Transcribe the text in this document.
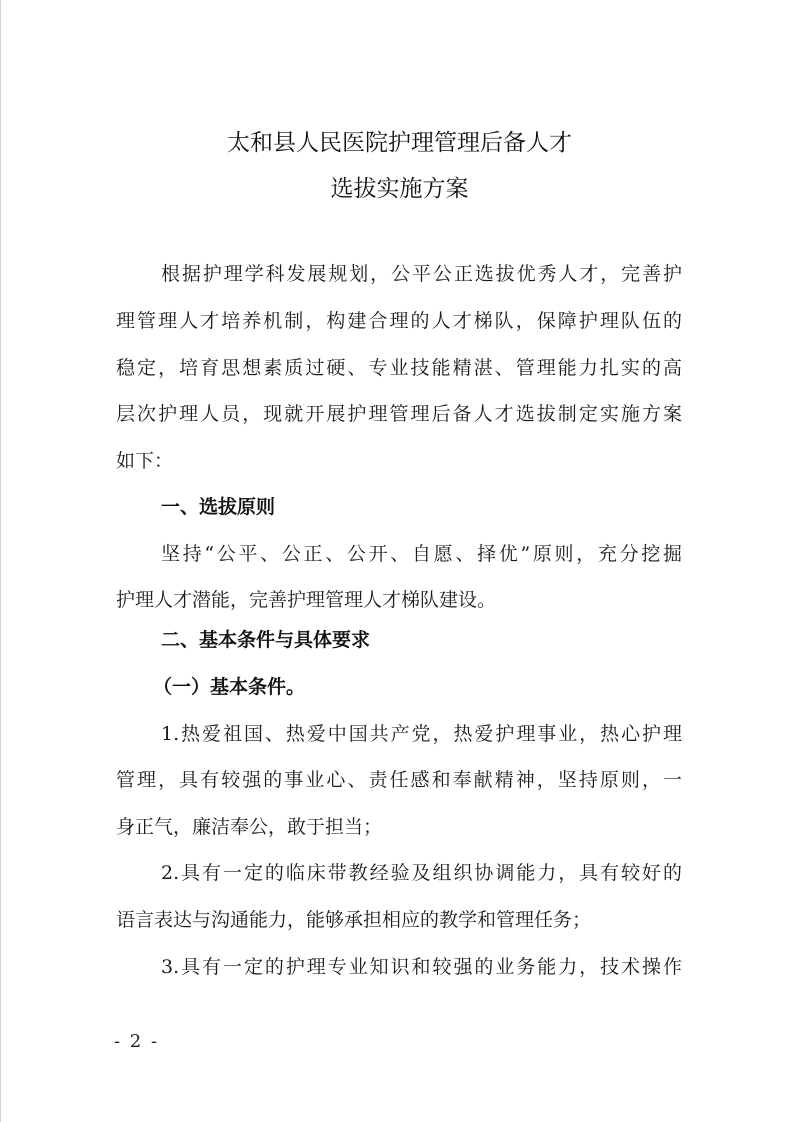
太和县人民医院护理管理后备人才
选拔实施方案

根据护理学科发展规划，公平公正选拔优秀人才，完善护

理管理人才培养机制，构建合理的人才梯队，保障护理队伍的

稳定，培育思想素质过硬、专业技能精湛、管理能力扎实的高

层次护理人员，现就开展护理管理后备人才选拔制定实施方案

如下：

一、选拔原则

坚持“公平、公正、公开、自愿、择优”原则，充分挖掘

护理人才潜能，完善护理管理人才梯队建设。

二、基本条件与具体要求
（一）基本条件。

1.热爱祖国、热爱中国共产党，热爱护理事业，热心护理

管理，具有较强的事业心、责任感和奉献精神，坚持原则，一

身正气，廉洁奉公，敢于担当；

2.具有一定的临床带教经验及组织协调能力，具有较好的

语言表达与沟通能力，能够承担相应的教学和管理任务；

3.具有一定的护理专业知识和较强的业务能力，技术操作

- 2 -
